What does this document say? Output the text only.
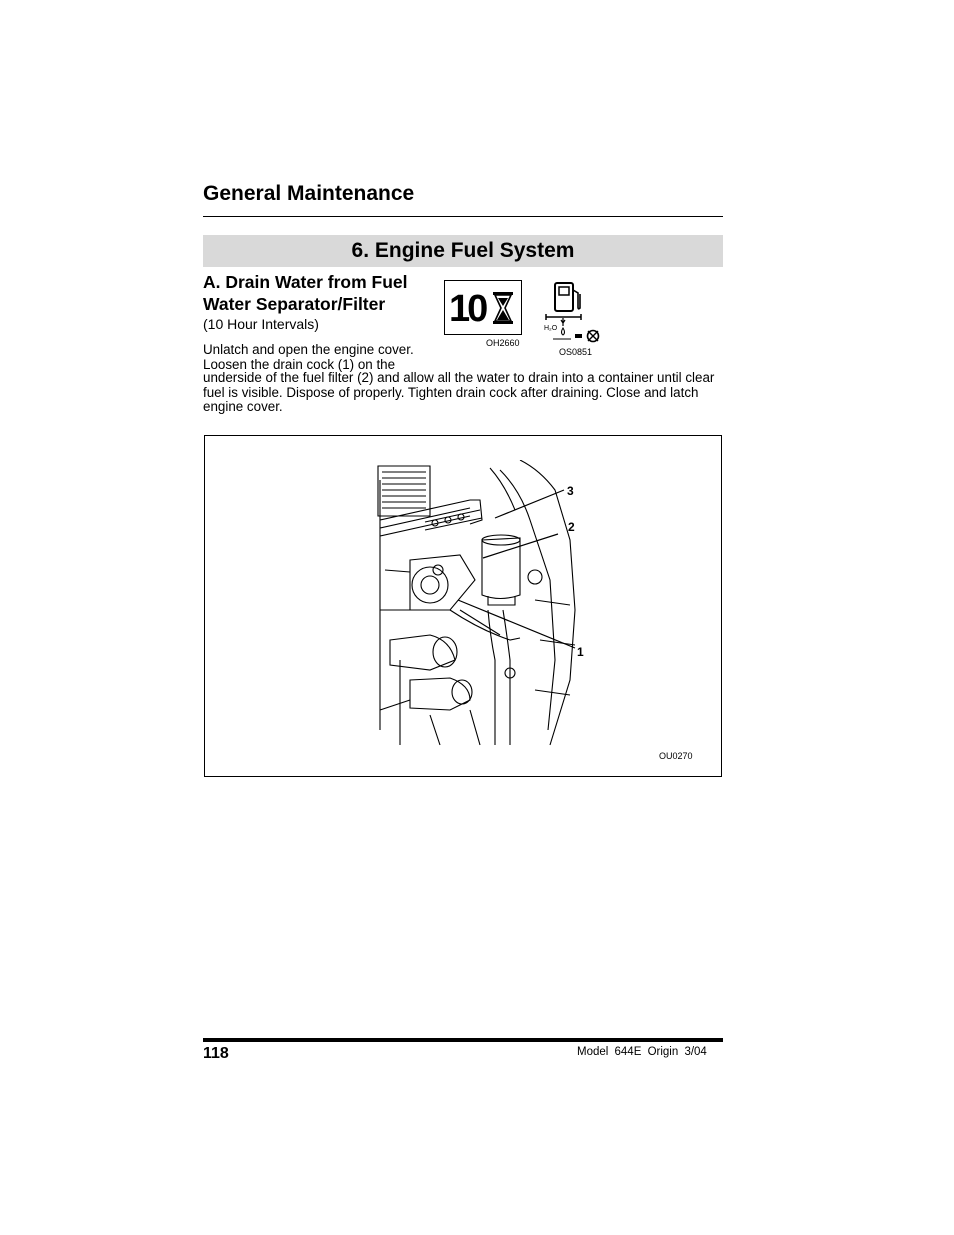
General Maintenance
6. Engine Fuel System
A. Drain Water from Fuel Water Separator/Filter
(10 Hour Intervals)	10
OH2660
H₂O
OS0851
Unlatch and open the engine cover. Loosen the drain cock (1) on the
underside of the fuel filter (2) and allow all the water to drain into a container until clear fuel is visible. Dispose of properly. Tighten drain cock after draining. Close and latch engine cover.
3
2
1
OU0270
118	Model 644E Origin 3/04
